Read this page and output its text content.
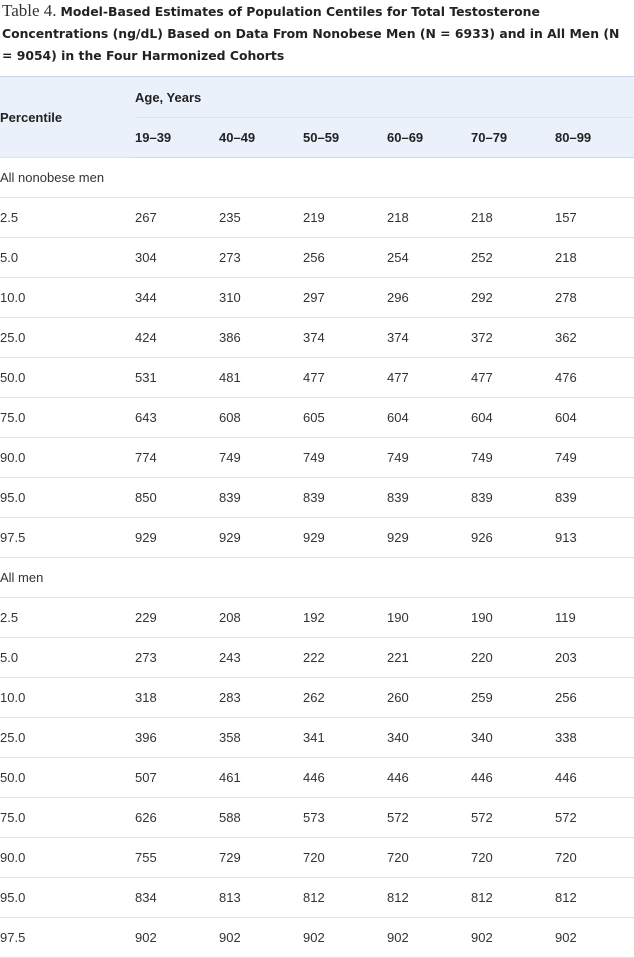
Table 4. Model-Based Estimates of Population Centiles for Total Testosterone Concentrations (ng/dL) Based on Data From Nonobese Men (N = 6933) and in All Men (N = 9054) in the Four Harmonized Cohorts

Percentile	Age, Years					
	19–39	40–49	50–59	60–69	70–79	80–99
All nonobese men						
2.5	267	235	219	218	218	157
5.0	304	273	256	254	252	218
10.0	344	310	297	296	292	278
25.0	424	386	374	374	372	362
50.0	531	481	477	477	477	476
75.0	643	608	605	604	604	604
90.0	774	749	749	749	749	749
95.0	850	839	839	839	839	839
97.5	929	929	929	929	926	913
All men						
2.5	229	208	192	190	190	119
5.0	273	243	222	221	220	203
10.0	318	283	262	260	259	256
25.0	396	358	341	340	340	338
50.0	507	461	446	446	446	446
75.0	626	588	573	572	572	572
90.0	755	729	720	720	720	720
95.0	834	813	812	812	812	812
97.5	902	902	902	902	902	902
